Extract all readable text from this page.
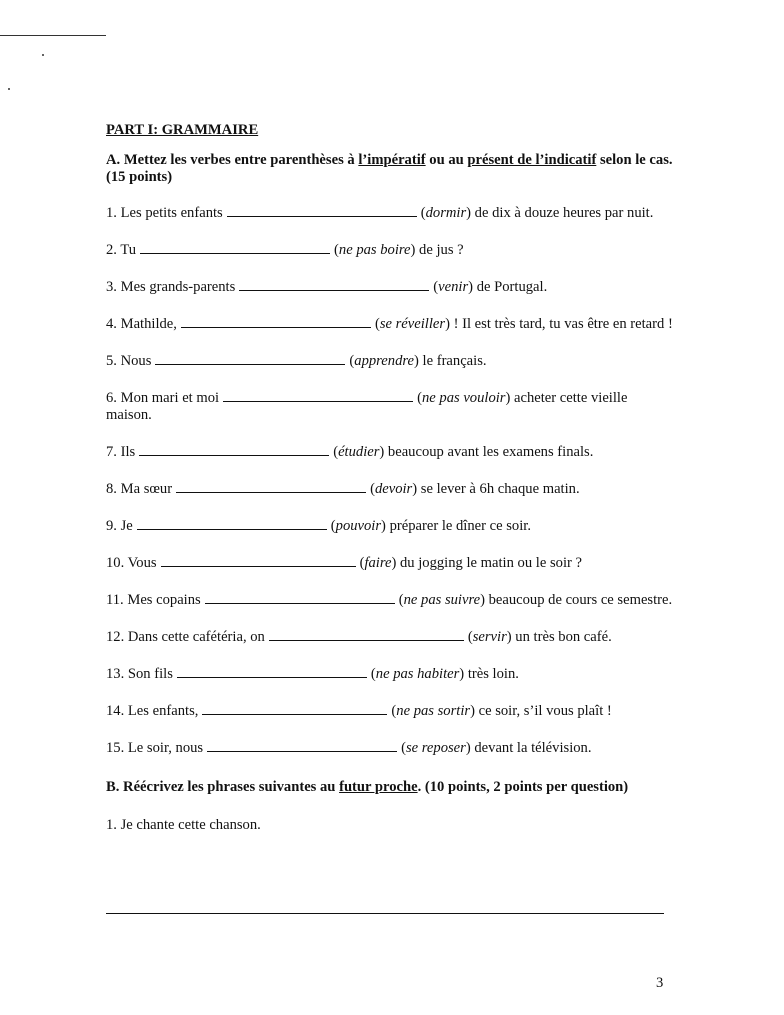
PART I: GRAMMAIRE
A. Mettez les verbes entre parenthèses à l’impératif ou au présent de l’indicatif selon le cas. (15 points)
1. Les petits enfants	(dormir) de dix à douze heures par nuit.
2. Tu	(ne pas boire) de jus ?
3. Mes grands-parents	(venir) de Portugal.
4. Mathilde,	(se réveiller) ! Il est très tard, tu vas être en retard !
5. Nous	(apprendre) le français.
6. Mon mari et moi	(ne pas vouloir) acheter cette vieille maison.
7. Ils	(étudier) beaucoup avant les examens finals.
8. Ma sœur	(devoir) se lever à 6h chaque matin.
9. Je	(pouvoir) préparer le dîner ce soir.
10. Vous	(faire) du jogging le matin ou le soir ?
11. Mes copains	(ne pas suivre) beaucoup de cours ce semestre.
12. Dans cette cafétéria, on	(servir) un très bon café.
13. Son fils	(ne pas habiter) très loin.
14. Les enfants,	(ne pas sortir) ce soir, s’il vous plaît !
15. Le soir, nous	(se reposer) devant la télévision.
B. Réécrivez les phrases suivantes au futur proche. (10 points, 2 points per question)
1. Je chante cette chanson.
3
